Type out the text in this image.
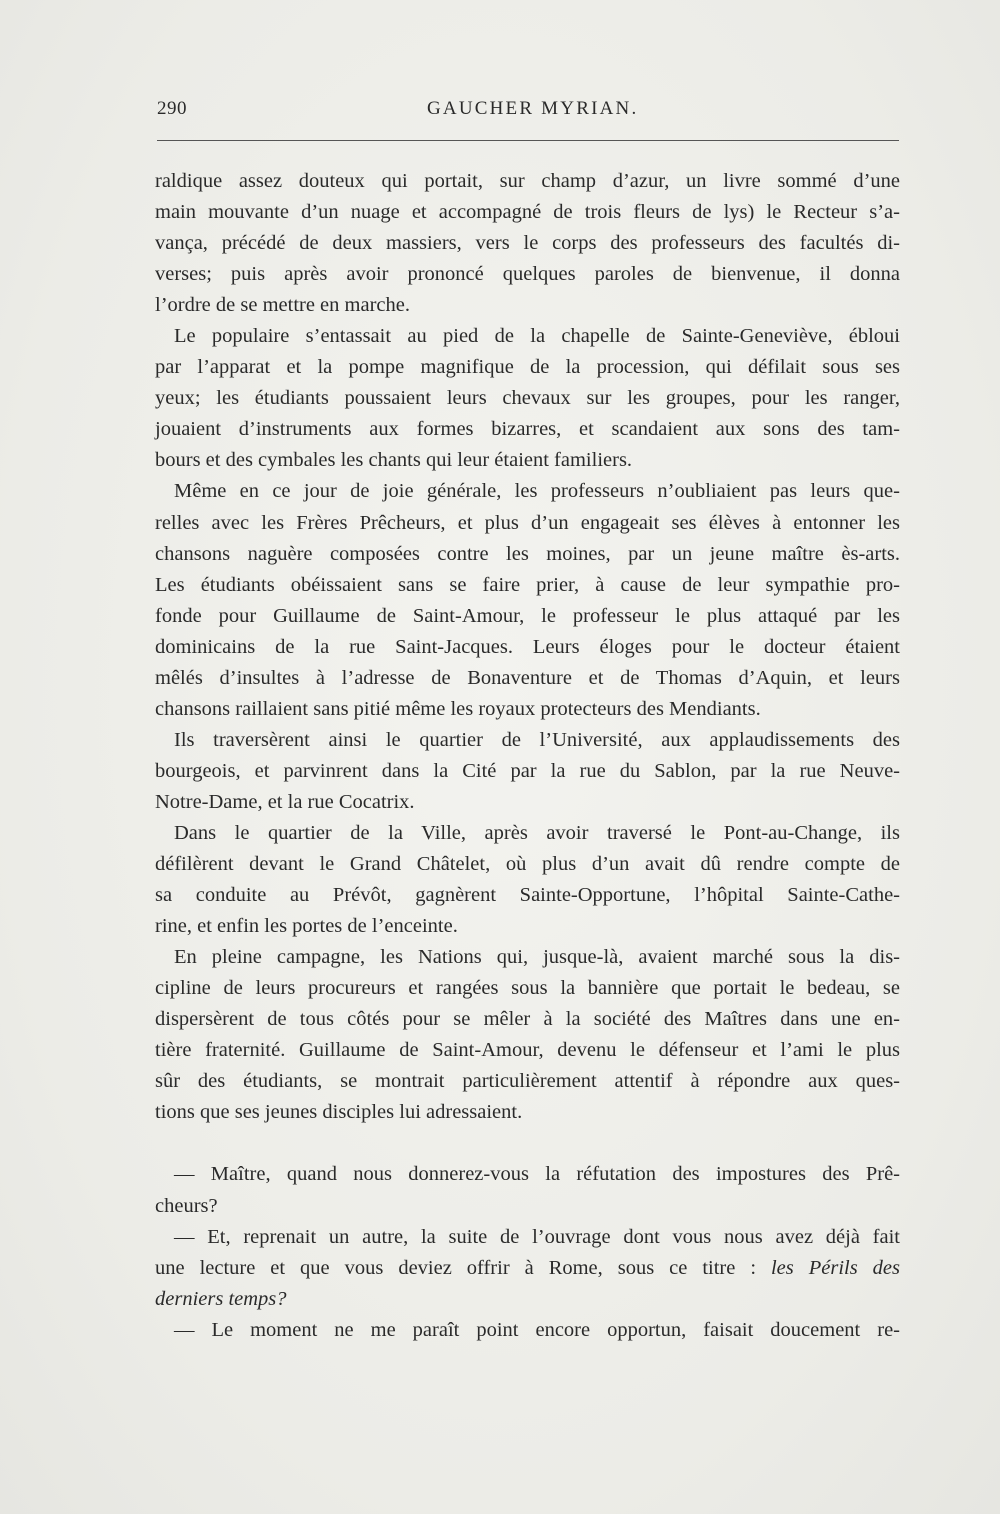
290	GAUCHER MYRIAN.
raldique assez douteux qui portait, sur champ d’azur, un livre sommé d’une
main mouvante d’un nuage et accompagné de trois fleurs de lys) le Recteur s’a-
vança, précédé de deux massiers, vers le corps des professeurs des facultés di-
verses; puis après avoir prononcé quelques paroles de bienvenue, il donna
l’ordre de se mettre en marche.
Le populaire s’entassait au pied de la chapelle de Sainte-Geneviève, ébloui
par l’apparat et la pompe magnifique de la procession, qui défilait sous ses
yeux; les étudiants poussaient leurs chevaux sur les groupes, pour les ranger,
jouaient d’instruments aux formes bizarres, et scandaient aux sons des tam-
bours et des cymbales les chants qui leur étaient familiers.
Même en ce jour de joie générale, les professeurs n’oubliaient pas leurs que-
relles avec les Frères Prêcheurs, et plus d’un engageait ses élèves à entonner les
chansons naguère composées contre les moines, par un jeune maître ès-arts.
Les étudiants obéissaient sans se faire prier, à cause de leur sympathie pro-
fonde pour Guillaume de Saint-Amour, le professeur le plus attaqué par les
dominicains de la rue Saint-Jacques. Leurs éloges pour le docteur étaient
mêlés d’insultes à l’adresse de Bonaventure et de Thomas d’Aquin, et leurs
chansons raillaient sans pitié même les royaux protecteurs des Mendiants.
Ils traversèrent ainsi le quartier de l’Université, aux applaudissements des
bourgeois, et parvinrent dans la Cité par la rue du Sablon, par la rue Neuve-
Notre-Dame, et la rue Cocatrix.
Dans le quartier de la Ville, après avoir traversé le Pont-au-Change, ils
défilèrent devant le Grand Châtelet, où plus d’un avait dû rendre compte de
sa conduite au Prévôt, gagnèrent Sainte-Opportune, l’hôpital Sainte-Cathe-
rine, et enfin les portes de l’enceinte.
En pleine campagne, les Nations qui, jusque-là, avaient marché sous la dis-
cipline de leurs procureurs et rangées sous la bannière que portait le bedeau, se
dispersèrent de tous côtés pour se mêler à la société des Maîtres dans une en-
tière fraternité. Guillaume de Saint-Amour, devenu le défenseur et l’ami le plus
sûr des étudiants, se montrait particulièrement attentif à répondre aux ques-
tions que ses jeunes disciples lui adressaient.
— Maître, quand nous donnerez-vous la réfutation des impostures des Prê-
cheurs?
— Et, reprenait un autre, la suite de l’ouvrage dont vous nous avez déjà fait
une lecture et que vous deviez offrir à Rome, sous ce titre : les Périls des
derniers temps?
— Le moment ne me paraît point encore opportun, faisait doucement re-
